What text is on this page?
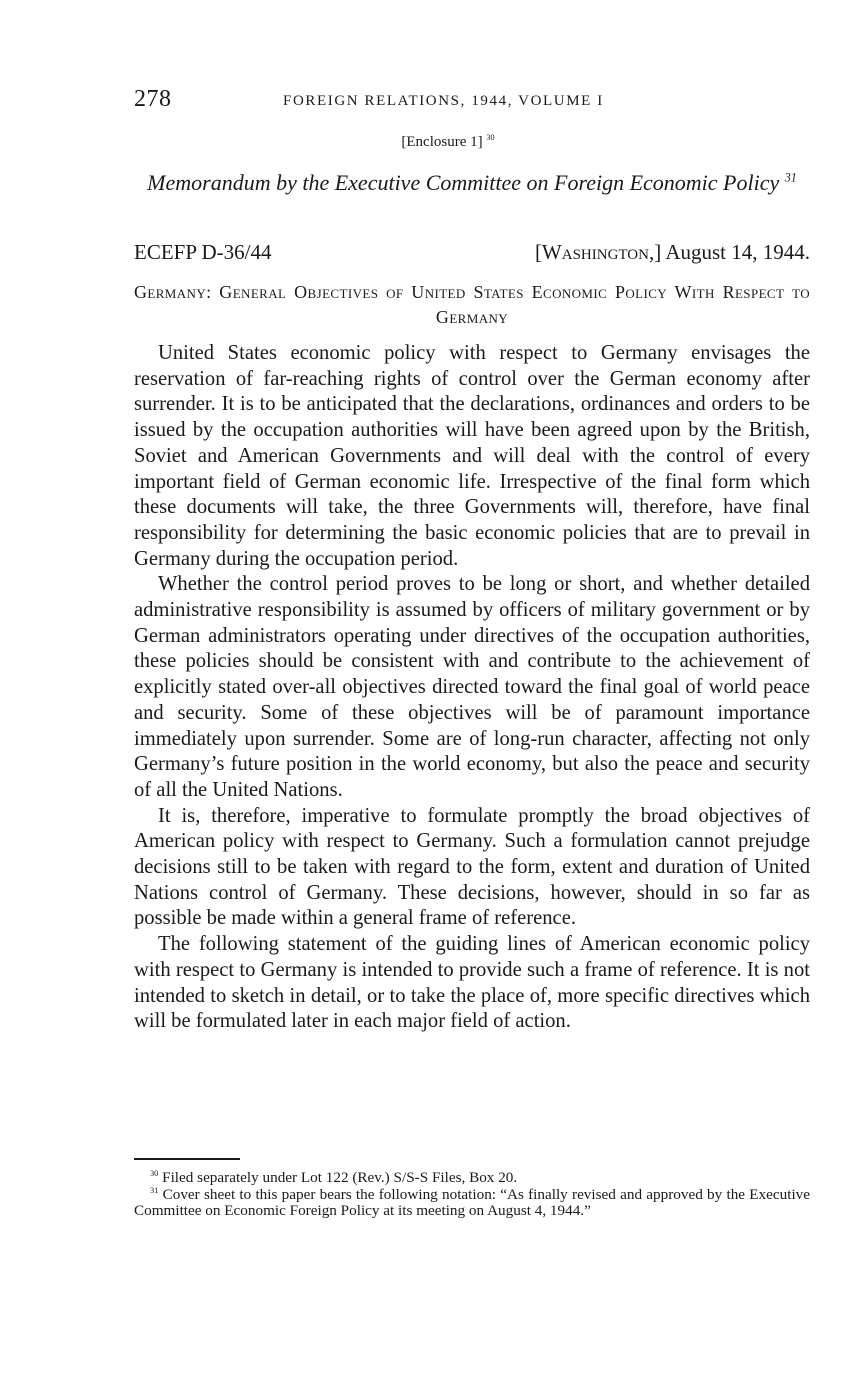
278	FOREIGN RELATIONS, 1944, VOLUME I
[Enclosure 1] $^{30}$
Memorandum by the Executive Committee on Foreign Economic Policy $^{31}$
ECEFP D-36/44	[Washington,] August 14, 1944.
Germany: General Objectives of United States Economic Policy With Respect to Germany

United States economic policy with respect to Germany envisages the reservation of far-reaching rights of control over the German economy after surrender. It is to be anticipated that the declarations, ordinances and orders to be issued by the occupation authorities will have been agreed upon by the British, Soviet and American Governments and will deal with the control of every important field of German economic life. Irrespective of the final form which these documents will take, the three Governments will, therefore, have final responsibility for determining the basic economic policies that are to prevail in Germany during the occupation period.

Whether the control period proves to be long or short, and whether detailed administrative responsibility is assumed by officers of military government or by German administrators operating under directives of the occupation authorities, these policies should be consistent with and contribute to the achievement of explicitly stated over-all objectives directed toward the final goal of world peace and security. Some of these objectives will be of paramount importance immediately upon surrender. Some are of long-run character, affecting not only Germany’s future position in the world economy, but also the peace and security of all the United Nations.

It is, therefore, imperative to formulate promptly the broad objectives of American policy with respect to Germany. Such a formulation cannot prejudge decisions still to be taken with regard to the form, extent and duration of United Nations control of Germany. These decisions, however, should in so far as possible be made within a general frame of reference.

The following statement of the guiding lines of American economic policy with respect to Germany is intended to provide such a frame of reference. It is not intended to sketch in detail, or to take the place of, more specific directives which will be formulated later in each major field of action.

$^{30}$ Filed separately under Lot 122 (Rev.) S/S-S Files, Box 20.

$^{31}$ Cover sheet to this paper bears the following notation: “As finally revised and approved by the Executive Committee on Economic Foreign Policy at its meeting on August 4, 1944.”
